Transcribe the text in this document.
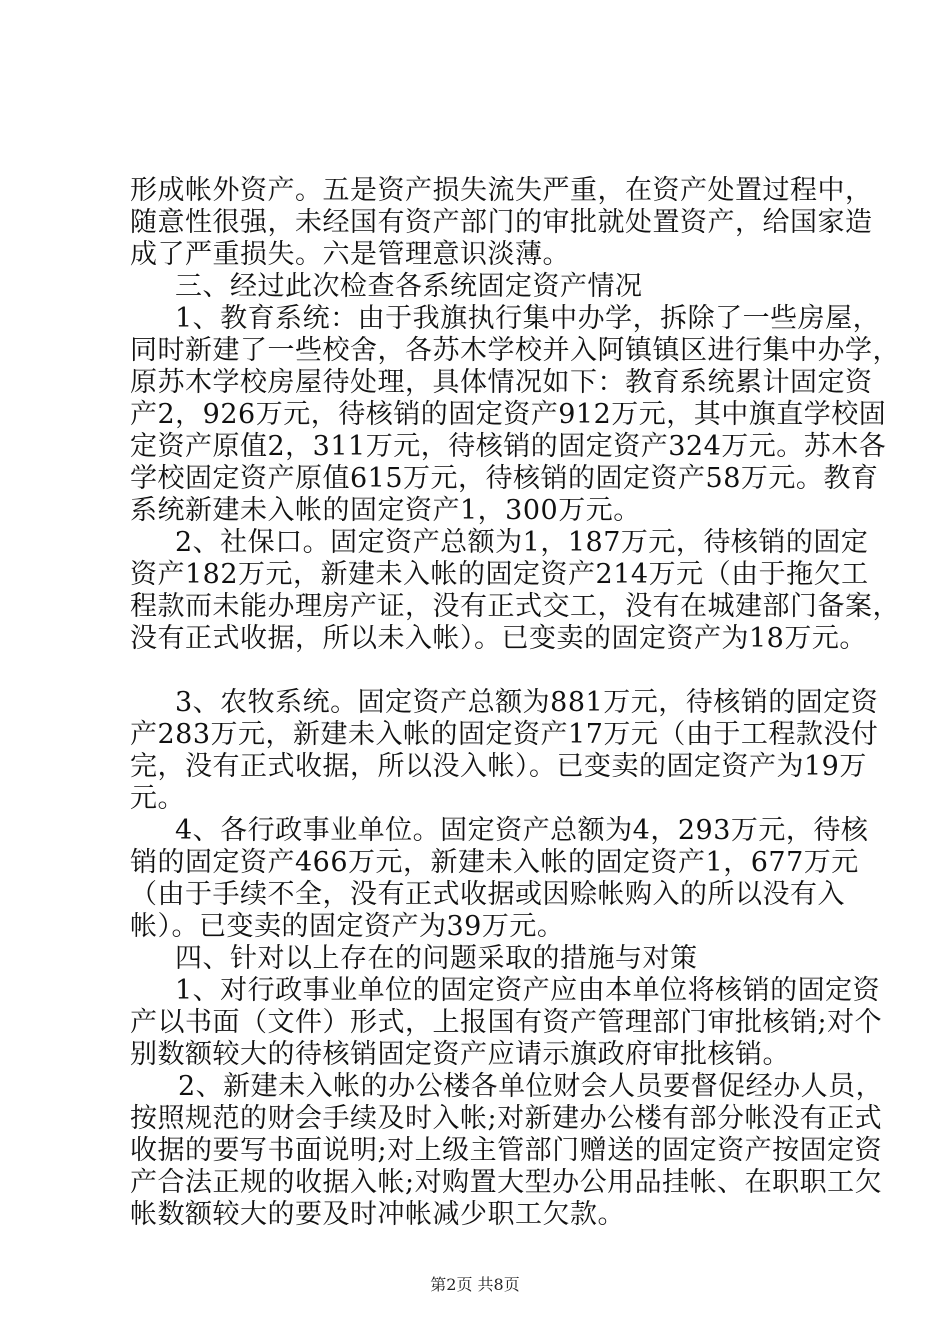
形成帐外资产。五是资产损失流失严重，在资产处置过程中，
随意性很强，未经国有资产部门的审批就处置资产，给国家造
成了严重损失。六是管理意识淡薄。
三、经过此次检查各系统固定资产情况
1、教育系统：由于我旗执行集中办学，拆除了一些房屋，
同时新建了一些校舍，各苏木学校并入阿镇镇区进行集中办学，
原苏木学校房屋待处理，具体情况如下：教育系统累计固定资
产2，926万元，待核销的固定资产912万元，其中旗直学校固
定资产原值2，311万元，待核销的固定资产324万元。苏木各
学校固定资产原值615万元，待核销的固定资产58万元。教育
系统新建未入帐的固定资产1，300万元。
2、社保口。固定资产总额为1，187万元，待核销的固定
资产182万元，新建未入帐的固定资产214万元（由于拖欠工
程款而未能办理房产证，没有正式交工，没有在城建部门备案，
没有正式收据，所以未入帐）。已变卖的固定资产为18万元。
3、农牧系统。固定资产总额为881万元，待核销的固定资
产283万元，新建未入帐的固定资产17万元（由于工程款没付
完，没有正式收据，所以没入帐）。已变卖的固定资产为19万
元。
4、各行政事业单位。固定资产总额为4，293万元，待核
销的固定资产466万元，新建未入帐的固定资产1，677万元
（由于手续不全，没有正式收据或因赊帐购入的所以没有入
帐）。已变卖的固定资产为39万元。
四、针对以上存在的问题采取的措施与对策
1、对行政事业单位的固定资产应由本单位将核销的固定资
产以书面（文件）形式，上报国有资产管理部门审批核销;对个
别数额较大的待核销固定资产应请示旗政府审批核销。
2、新建未入帐的办公楼各单位财会人员要督促经办人员，
按照规范的财会手续及时入帐;对新建办公楼有部分帐没有正式
收据的要写书面说明;对上级主管部门赠送的固定资产按固定资
产合法正规的收据入帐;对购置大型办公用品挂帐、在职职工欠
帐数额较大的要及时冲帐减少职工欠款。
第2页 共8页
